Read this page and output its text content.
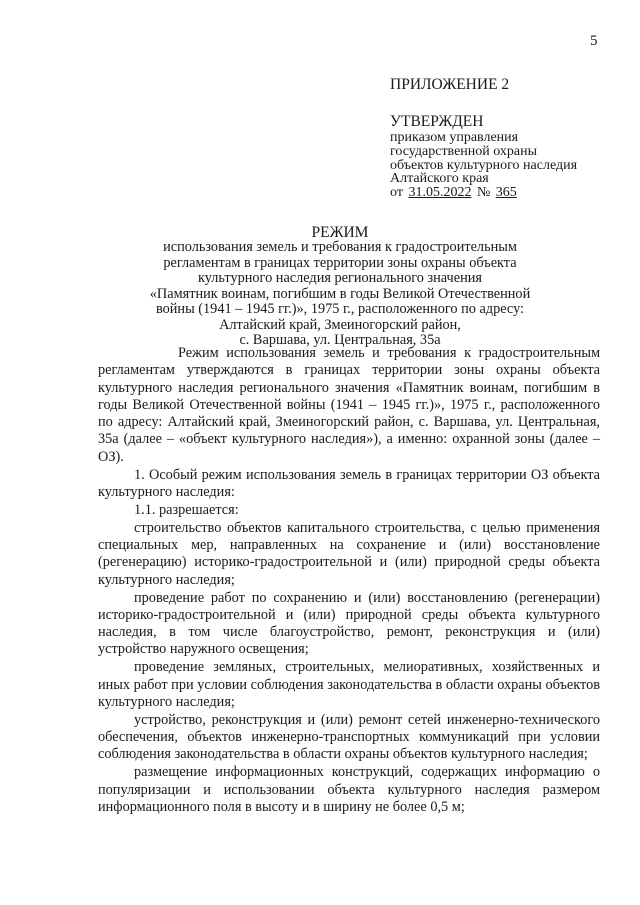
5
ПРИЛОЖЕНИЕ 2
УТВЕРЖДЕН
приказом управления
государственной охраны
объектов культурного наследия
Алтайского края
от 31.05.2022 № 365
РЕЖИМ
использования земель и требования к градостроительным
регламентам в границах территории зоны охраны объекта
культурного наследия регионального значения
«Памятник воинам, погибшим в годы Великой Отечественной
войны (1941 – 1945 гг.)», 1975 г., расположенного по адресу:
Алтайский край, Змеиногорский район,
с. Варшава, ул. Центральная, 35а

Режим использования земель и требования к градостроительным регламентам утверждаются в границах территории зоны охраны объекта культурного наследия регионального значения «Памятник воинам, погибшим в годы Великой Отечественной войны (1941 – 1945 гг.)», 1975 г., расположенного по адресу: Алтайский край, Змеиногорский район, с. Варшава, ул. Центральная, 35а (далее – «объект культурного наследия»), а именно: охранной зоны (далее – ОЗ).

1. Особый режим использования земель в границах территории ОЗ объекта культурного наследия:

1.1. разрешается:

строительство объектов капитального строительства, с целью применения специальных мер, направленных на сохранение и (или) восстановление (регенерацию) историко-градостроительной и (или) природной среды объекта культурного наследия;

проведение работ по сохранению и (или) восстановлению (регенерации) историко-градостроительной и (или) природной среды объекта культурного наследия, в том числе благоустройство, ремонт, реконструкция и (или) устройство наружного освещения;

проведение земляных, строительных, мелиоративных, хозяйственных и иных работ при условии соблюдения законодательства в области охраны объектов культурного наследия;

устройство, реконструкция и (или) ремонт сетей инженерно-технического обеспечения, объектов инженерно-транспортных коммуникаций при условии соблюдения законодательства в области охраны объектов культурного наследия;

размещение информационных конструкций, содержащих информацию о популяризации и использовании объекта культурного наследия размером информационного поля в высоту и в ширину не более 0,5 м;
